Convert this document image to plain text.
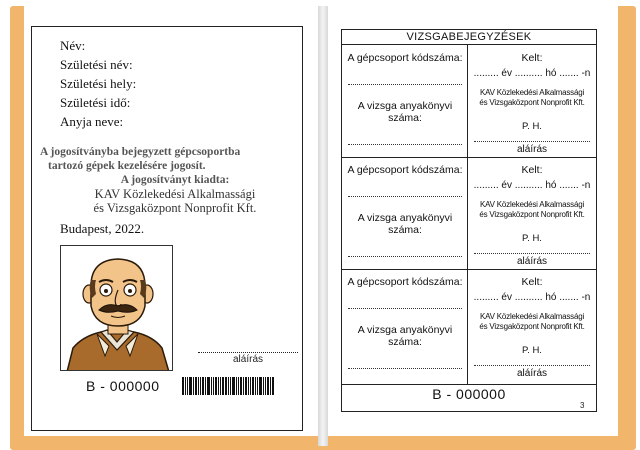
Név:
Születési név:
Születési hely:
Születési idő:
Anyja neve:
A jogosítványba bejegyzett gépcsoportba
tartozó gépek kezelésére jogosít.
A jogosítványt kiadta:
KAV Közlekedési Alkalmassági
és Vizsgaközpont Nonprofit Kft.
Budapest, 2022.
aláírás
B - 000000
VIZSGABEJEGYZÉSEK
A gépcsoport kódszáma:
A vizsga anyakönyvi
száma:
Kelt:
......... év .......... hó ....... -n
KAV Közlekedési Alkalmassági
és Vizsgaközpont Nonprofit Kft.
P. H.
aláírás
A gépcsoport kódszáma:
A vizsga anyakönyvi
száma:
Kelt:
......... év .......... hó ....... -n
KAV Közlekedési Alkalmassági
és Vizsgaközpont Nonprofit Kft.
P. H.
aláírás
A gépcsoport kódszáma:
A vizsga anyakönyvi
száma:
Kelt:
......... év .......... hó ....... -n
KAV Közlekedési Alkalmassági
és Vizsgaközpont Nonprofit Kft.
P. H.
aláírás
B - 000000
3
